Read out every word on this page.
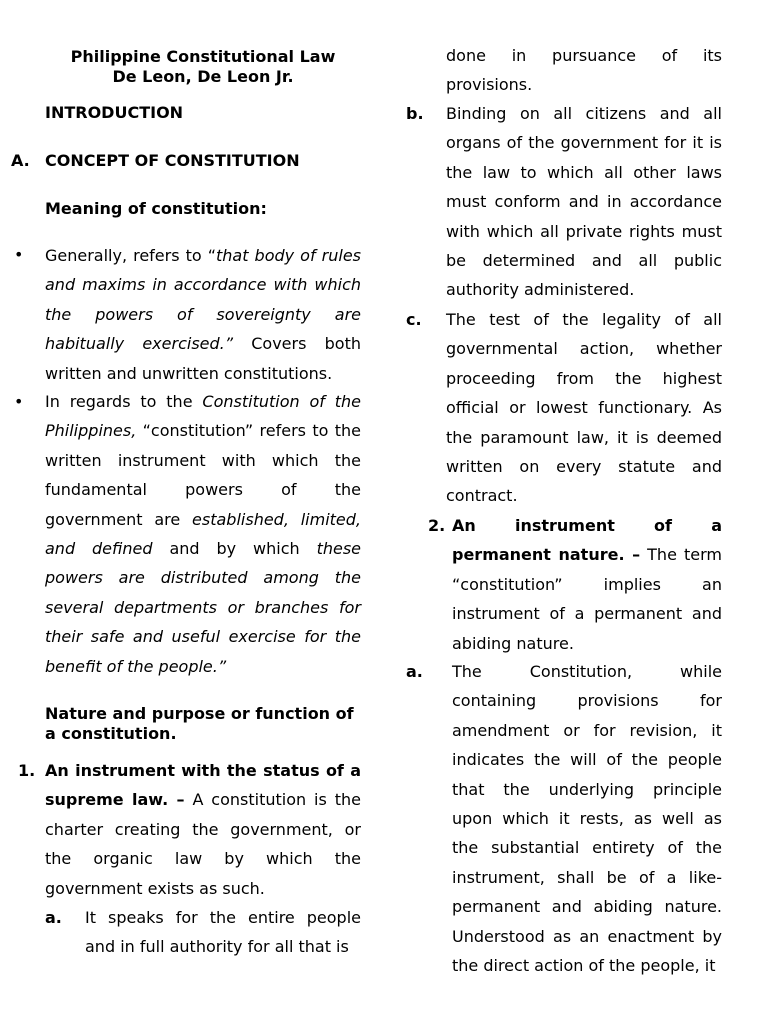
Philippine Constitutional Law
De Leon, De Leon Jr.
INTRODUCTION
A. CONCEPT OF CONSTITUTION
Meaning of constitution:
• Generally, refers to “that body of rules and maxims in accordance with which the powers of sovereignty are habitually exercised.” Covers both written and unwritten constitutions.

• In regards to the Constitution of the Philippines, “constitution” refers to the written instrument with which the fundamental powers of the government are established, limited, and defined and by which these powers are distributed among the several departments or branches for their safe and useful exercise for the benefit of the people.”

Nature and purpose or function of a constitution.
1. An instrument with the status of a supreme law. – A constitution is the charter creating the government, or the organic law by which the government exists as such.

a. It speaks for the entire people and in full authority for all that is

done in pursuance of its provisions.

b. Binding on all citizens and all organs of the government for it is the law to which all other laws must conform and in accordance with which all private rights must be determined and all public authority administered.

c. The test of the legality of all governmental action, whether proceeding from the highest official or lowest functionary. As the paramount law, it is deemed written on every statute and contract.

2. An instrument of a permanent nature. – The term “constitution” implies an instrument of a permanent and abiding nature.

a. The Constitution, while containing provisions for amendment or for revision, it indicates the will of the people that the underlying principle upon which it rests, as well as the substantial entirety of the instrument, shall be of a like-permanent and abiding nature. Understood as an enactment by the direct action of the people, it
